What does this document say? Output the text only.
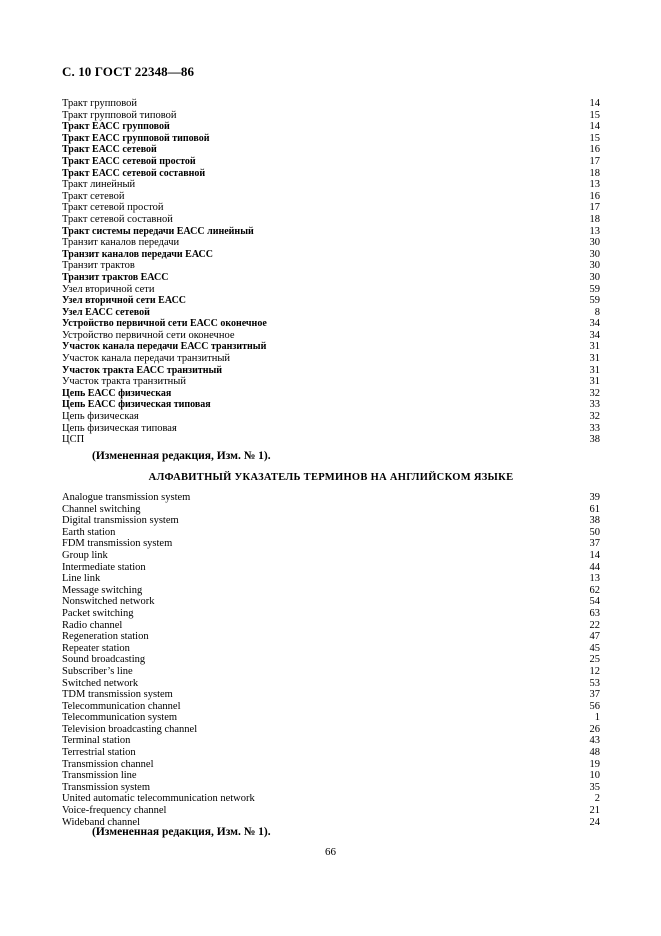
С. 10 ГОСТ 22348—86
Тракт групповой	14
Тракт групповой типовой	15
Тракт ЕАСС групповой	14
Тракт ЕАСС групповой типовой	15
Тракт ЕАСС сетевой	16
Тракт ЕАСС сетевой простой	17
Тракт ЕАСС сетевой составной	18
Тракт линейный	13
Тракт сетевой	16
Тракт сетевой простой	17
Тракт сетевой составной	18
Тракт системы передачи ЕАСС линейный	13
Транзит каналов передачи	30
Транзит каналов передачи ЕАСС	30
Транзит трактов	30
Транзит трактов ЕАСС	30
Узел вторичной сети	59
Узел вторичной сети ЕАСС	59
Узел ЕАСС сетевой	8
Устройство первичной сети ЕАСС оконечное	34
Устройство первичной сети оконечное	34
Участок канала передачи ЕАСС транзитный	31
Участок канала передачи транзитный	31
Участок тракта ЕАСС транзитный	31
Участок тракта транзитный	31
Цепь ЕАСС физическая	32
Цепь ЕАСС физическая типовая	33
Цепь физическая	32
Цепь физическая типовая	33
ЦСП	38
(Измененная редакция, Изм. № 1).
АЛФАВИТНЫЙ УКАЗАТЕЛЬ ТЕРМИНОВ НА АНГЛИЙСКОМ ЯЗЫКЕ
Analogue transmission system	39
Channel switching	61
Digital transmission system	38
Earth station	50
FDM transmission system	37
Group link	14
Intermediate station	44
Line link	13
Message switching	62
Nonswitched network	54
Packet switching	63
Radio channel	22
Regeneration station	47
Repeater station	45
Sound broadcasting	25
Subscriber’s line	12
Switched network	53
TDM transmission system	37
Telecommunication channel	56
Telecommunication system	1
Television broadcasting channel	26
Terminal station	43
Terrestrial station	48
Transmission channel	19
Transmission line	10
Transmission system	35
United automatic telecommunication network	2
Voice-frequency channel	21
Wideband channel	24
(Измененная редакция, Изм. № 1).
66
